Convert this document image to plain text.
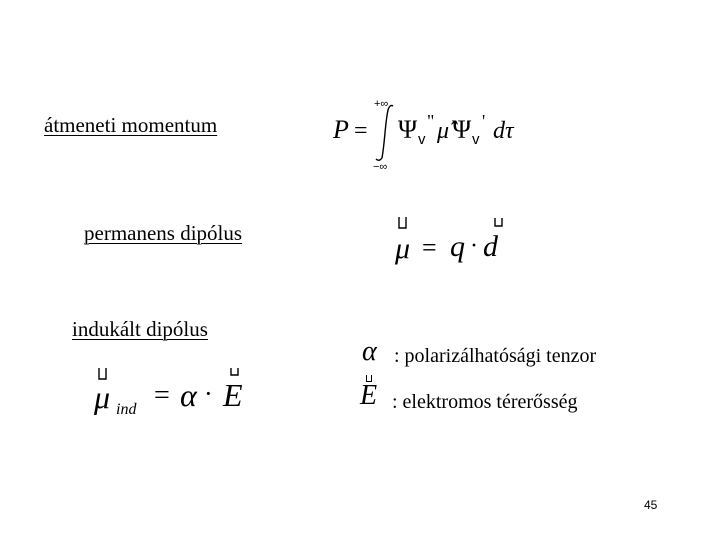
átmeneti momentum
permanens dipólus
indukált dipólus
P =
+∞
−∞
Ψ v
" μ̂ Ψ v
' dτ
μ = q · d
μ ind = α · E
α : polarizálhatósági tenzor
E : elektromos térerősség
45
